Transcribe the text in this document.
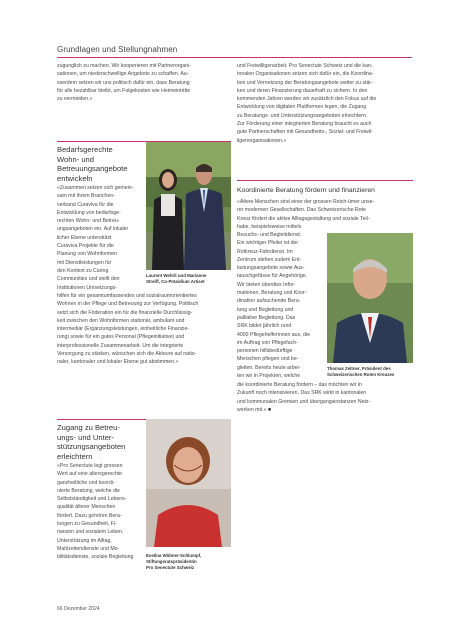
Grundlagen und Stellungnahmen
zugunglich zu machen. Wir kooperieren mit Partnerorgani-
sationen, um niederschwellige Angebote zu schaffen. Au-
sserdem setzen wir uns politisch dafür ein, dass Beratung
für alle bezahlbar bleibt, um Folgekosten wie Heimeintritte
zu vermeiden.»
und Freiwilligenarbeit. Pro Senectute Schweiz und die kan-
tonalen Organisationen setzen sich dafür ein, die Koordina-
tion und Vernetzung der Beratungsangebote weiter zu stär-
ken und deren Finanzierung dauerhaft zu sichern. In den
kommenden Jahren werden wir zusätzlich den Fokus auf die
Entwicklung von digitalen Plattformen legen, die Zugang
zu Beratungs- und Unterstützungsangeboten erleichtern.
Zur Förderung einer integrierten Beratung braucht es auch
gute Partnerschaften mit Gesundheits-, Sozial- und Freiwil-
ligenorganisationen.»
Bedarfsgerechte
Wohn- und
Betreuungsangebote
entwickeln
Laurent Wehrli und Marianne
Streiff, Co-Präsidium Artiset
«Zusammen setzen sich gemein-
sam mit ihrem Branchen-
verband Curaviva für die
Entwicklung von bedarfsge-
rechten Wohn- und Betreu-
ungsangeboten ein. Auf lokaler
licher Ebene unterstützt
Curaviva Projekte für die
Planung von Wohnformen
mit Dienstleistungen für
den Kontext zu Caring
Communities und stellt den
Institutionen Umsetzungs-
hilfen für ein gesamtumfassendes und sozialraumorientiertes
Wohnen in der Pflege und Betreuung zur Verfügung. Politisch
setzt sich die Föderation ein für die finanzielle Durchlässig-
keit zwischen den Wohnformen stationär, ambulant und
intermediär (Ergänzungsleistungen, einheitliche Finanzie-
rung) sowie für ein gutes Personal (Pflegeinitiative) und
interprofessionelle Zusammenarbeit. Um die integrierte
Versorgung zu stärken, wünschen sich die Akteure auf natio-
naler, kantonaler und lokaler Ebene gut abstimmen.»
Koordinierte Beratung fördern und finanzieren
«Ältere Menschen sind einer der grossen Reich-ümer unse-
rer modernen Gesellschaften. Das Schweizerische Rote
Kreuz fördert die aktive Alltagsgestaltung und soziale Teil-
habe, beispielsweise mittels
Thomas Zeltner, Präsident des
Schweizerischen Roten Kreuzes
Besuchs- und Begleitdienst.
Ein wichtiger Pfeiler ist der
Rotkreuz-Fahrdienst. Im
Zentrum stehen zudem Ent-
lastungsangebote sowie Aus-
tauschgefässe für Angehörige.
Wir bieten überdies Infor-
mationen, Beratung und Koor-
dination aufsuchende Bera-
tung und Begleitung und
palliative Begleitung. Das
SRK bildet jährlich rund
4000 Pflegehelferinnen aus, die
im Auftrag von Pflegefach-
personen hilfsbedürftige
Menschen pflegen und be-
gleiten. Bereits heute arbei-
ten wir in Projekten, welche
die koordinierte Beratung fördern – das möchten wir in
Zukunft noch intensivieren. Das SRK wirkt in kantonalen
und kommunalen Gremien und übergangsinstanzen Netz-
werken mit.» ■
Zugang zu Betreu-
ungs- und Unter-
stützungsangeboten
erleichtern
Evelina Widmer-Schlumpf,
Stiftungsratspräsidentin
Pro Senectute Schweiz
«Pro Senectute legt grossen
Wert auf eine altersgerechte
ganzheitliche und koordi-
nierte Beratung, welche die
Selbstständigkeit und Lebens-
qualität älterer Menschen
fördert. Dazu gehören Bera-
tungen zu Gesundheit, Fi-
nanzen und sozialem Leben.
Unterstützung im Alltag,
Mahlzeitendienste und Mo-
bilitätsdienste, soziale Begleitung
66 Dezember 2024
